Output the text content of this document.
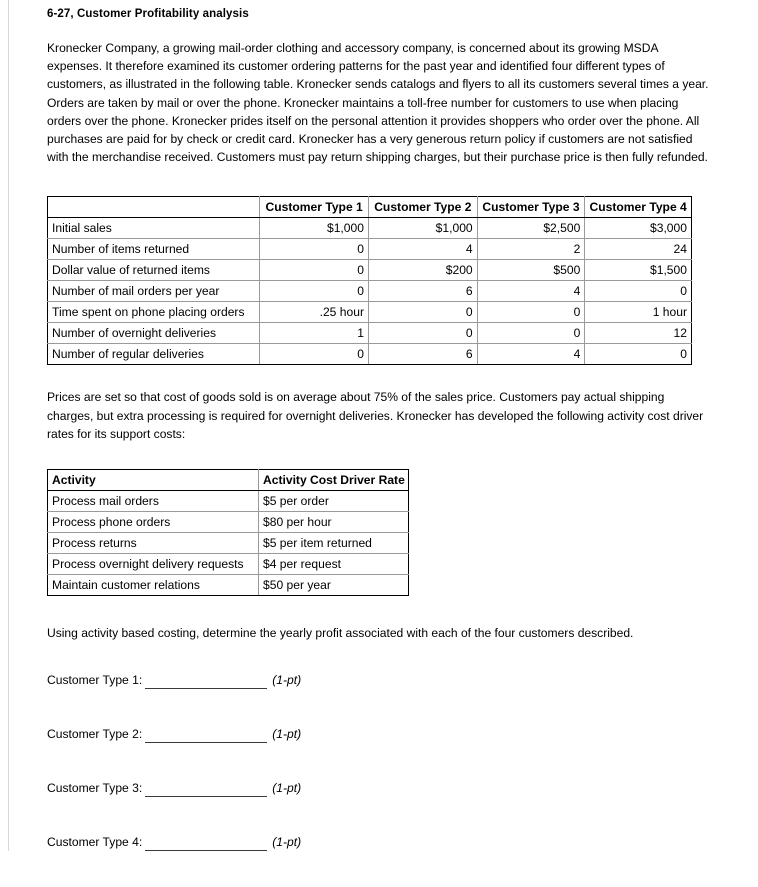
6-27, Customer Profitability analysis

Kronecker Company, a growing mail-order clothing and accessory company, is concerned about its growing MSDA expenses. It therefore examined its customer ordering patterns for the past year and identified four different types of customers, as illustrated in the following table. Kronecker sends catalogs and flyers to all its customers several times a year. Orders are taken by mail or over the phone. Kronecker maintains a toll-free number for customers to use when placing orders over the phone. Kronecker prides itself on the personal attention it provides shoppers who order over the phone. All purchases are paid for by check or credit card. Kronecker has a very generous return policy if customers are not satisfied with the merchandise received. Customers must pay return shipping charges, but their purchase price is then fully refunded.

	Customer Type 1	Customer Type 2	Customer Type 3	Customer Type 4
Initial sales	$1,000	$1,000	$2,500	$3,000
Number of items returned	0	4	2	24
Dollar value of returned items	0	$200	$500	$1,500
Number of mail orders per year	0	6	4	0
Time spent on phone placing orders	.25 hour	0	0	1 hour
Number of overnight deliveries	1	0	0	12
Number of regular deliveries	0	6	4	0

Prices are set so that cost of goods sold is on average about 75% of the sales price. Customers pay actual shipping charges, but extra processing is required for overnight deliveries. Kronecker has developed the following activity cost driver rates for its support costs:

Activity	Activity Cost Driver Rate
Process mail orders	$5 per order
Process phone orders	$80 per hour
Process returns	$5 per item returned
Process overnight delivery requests	$4 per request
Maintain customer relations	$50 per year

Using activity based costing, determine the yearly profit associated with each of the four customers described.

Customer Type 1:	(1-pt)
Customer Type 2:	(1-pt)
Customer Type 3:	(1-pt)
Customer Type 4:	(1-pt)
